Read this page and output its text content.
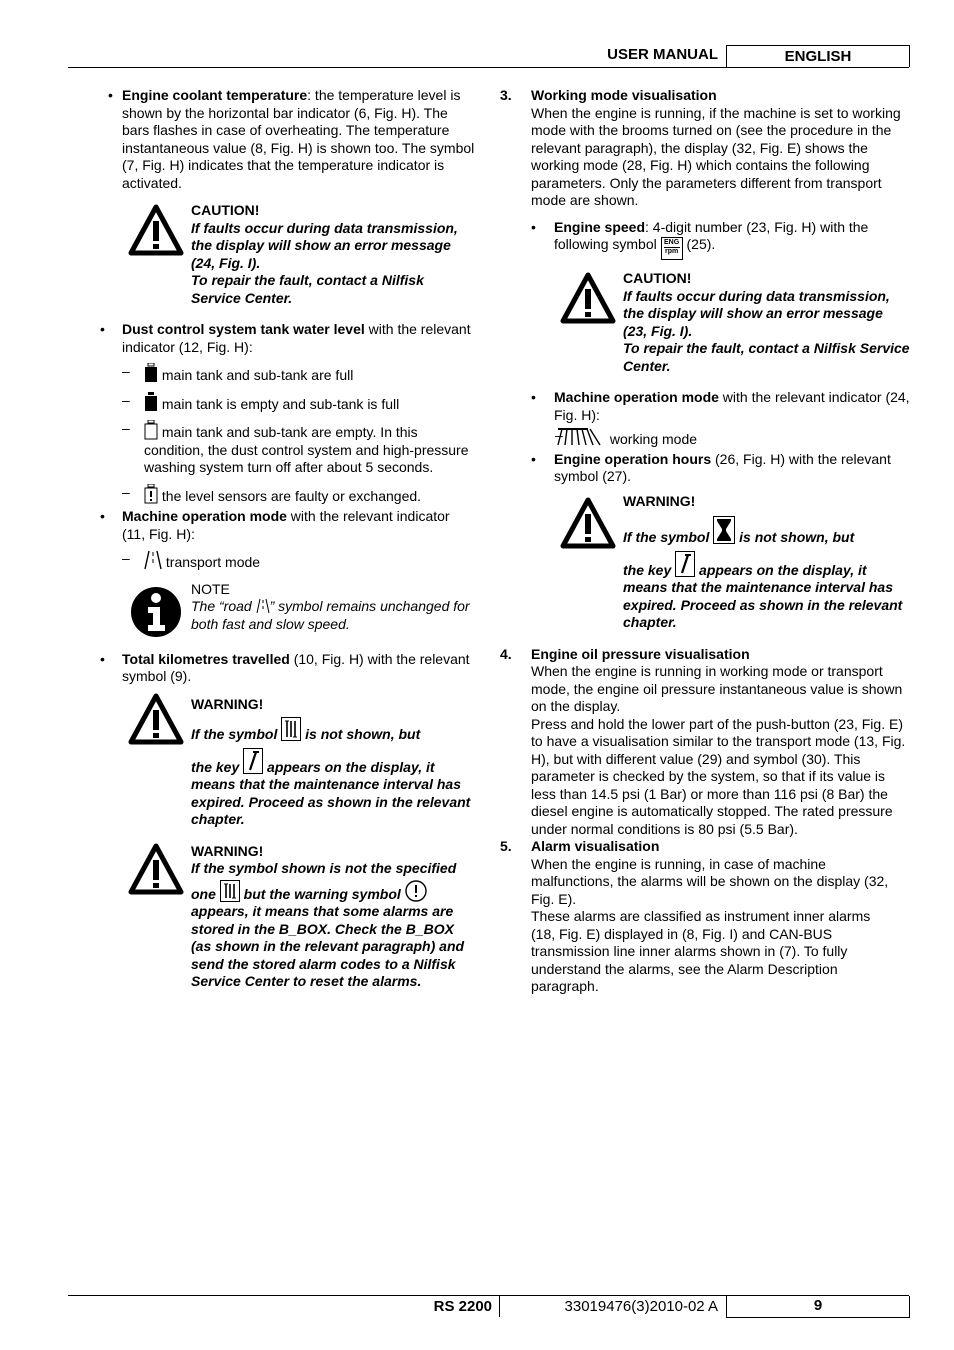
USER MANUAL	ENGLISH
• Engine coolant temperature: the temperature level is shown by the horizontal bar indicator (6, Fig. H). The bars flashes in case of overheating. The temperature instantaneous value (8, Fig. H) is shown too. The symbol (7, Fig. H) indicates that the temperature indicator is activated.
CAUTION!
If faults occur during data transmission, the display will show an error message (24, Fig. I).
To repair the fault, contact a Nilfisk Service Center.
• Dust control system tank water level with the relevant indicator (12, Fig. H):
– main tank and sub-tank are full
– main tank is empty and sub-tank is full
– main tank and sub-tank are empty. In this condition, the dust control system and high-pressure washing system turn off after about 5 seconds.
– the level sensors are faulty or exchanged.
• Machine operation mode with the relevant indicator (11, Fig. H):
–	transport mode
NOTE
The “road ” symbol remains unchanged for both fast and slow speed.
• Total kilometres travelled (10, Fig. H) with the relevant symbol (9).
WARNING!
If the symbol is not shown, but
the key appears on the display, it means that the maintenance interval has expired. Proceed as shown in the relevant chapter.
WARNING!
If the symbol shown is not the specified
one but the warning symbol
appears, it means that some alarms are stored in the B_BOX. Check the B_BOX (as shown in the relevant paragraph) and send the stored alarm codes to a Nilfisk Service Center to reset the alarms.
3. Working mode visualisation
When the engine is running, if the machine is set to working mode with the brooms turned on (see the procedure in the relevant paragraph), the display (32, Fig. E) shows the working mode (28, Fig. H) which contains the following parameters. Only the parameters different from transport mode are shown.
• Engine speed: 4-digit number (23, Fig. H) with the following symbol ENG
rpm (25).
CAUTION!
If faults occur during data transmission, the display will show an error message (23, Fig. I).
To repair the fault, contact a Nilfisk Service Center.
• Machine operation mode with the relevant indicator (24, Fig. H):
–	working mode
• Engine operation hours (26, Fig. H) with the relevant symbol (27).
WARNING!
If the symbol is not shown, but
the key appears on the display, it means that the maintenance interval has expired. Proceed as shown in the relevant chapter.
4. Engine oil pressure visualisation
When the engine is running in working mode or transport mode, the engine oil pressure instantaneous value is shown on the display.
Press and hold the lower part of the push-button (23, Fig. E) to have a visualisation similar to the transport mode (13, Fig. H), but with different value (29) and symbol (30). This parameter is checked by the system, so that if its value is less than 14.5 psi (1 Bar) or more than 116 psi (8 Bar) the diesel engine is automatically stopped. The rated pressure under normal conditions is 80 psi (5.5 Bar).
5. Alarm visualisation
When the engine is running, in case of machine malfunctions, the alarms will be shown on the display (32, Fig. E).
These alarms are classified as instrument inner alarms (18, Fig. E) displayed in (8, Fig. I) and CAN-BUS transmission line inner alarms shown in (7). To fully understand the alarms, see the Alarm Description paragraph.
RS 2200	33019476(3)2010-02 A	9
